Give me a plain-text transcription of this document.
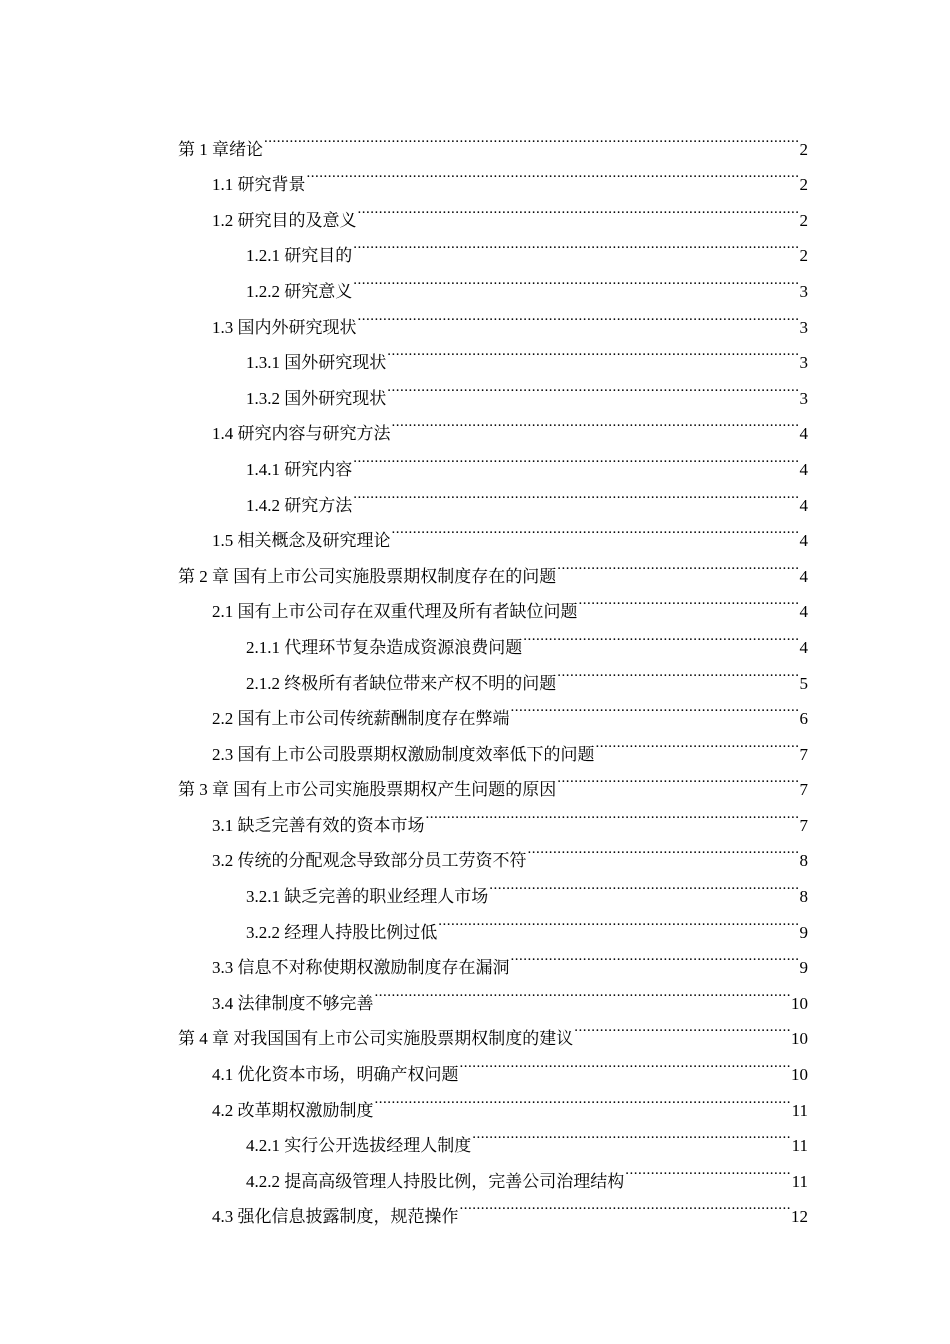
第 1 章绪论 .....	2
1.1 研究背景 .....	2
1.2 研究目的及意义 .....	2
1.2.1 研究目的 .....	2
1.2.2 研究意义 .....	3
1.3 国内外研究现状 .....	3
1.3.1 国外研究现状 .....	3
1.3.2 国外研究现状 .....	3
1.4 研究内容与研究方法 .....	4
1.4.1 研究内容 .....	4
1.4.2 研究方法 .....	4
1.5 相关概念及研究理论 .....	4
第 2 章 国有上市公司实施股票期权制度存在的问题 .....	4
2.1 国有上市公司存在双重代理及所有者缺位问题 .....	4
2.1.1 代理环节复杂造成资源浪费问题 .....	4
2.1.2 终极所有者缺位带来产权不明的问题 .....	5
2.2 国有上市公司传统薪酬制度存在弊端 .....	6
2.3 国有上市公司股票期权激励制度效率低下的问题 .....	7
第 3 章 国有上市公司实施股票期权产生问题的原因 .....	7
3.1 缺乏完善有效的资本市场 .....	7
3.2 传统的分配观念导致部分员工劳资不符 .....	8
3.2.1 缺乏完善的职业经理人市场 .....	8
3.2.2 经理人持股比例过低 .....	9
3.3 信息不对称使期权激励制度存在漏洞 .....	9
3.4 法律制度不够完善 .....	10
第 4 章 对我国国有上市公司实施股票期权制度的建议 .....	10
4.1 优化资本市场，明确产权问题 .....	10
4.2 改革期权激励制度 .....	11
4.2.1 实行公开选拔经理人制度 .....	11
4.2.2 提高高级管理人持股比例，完善公司治理结构 .....	11
4.3 强化信息披露制度，规范操作 .....	12
